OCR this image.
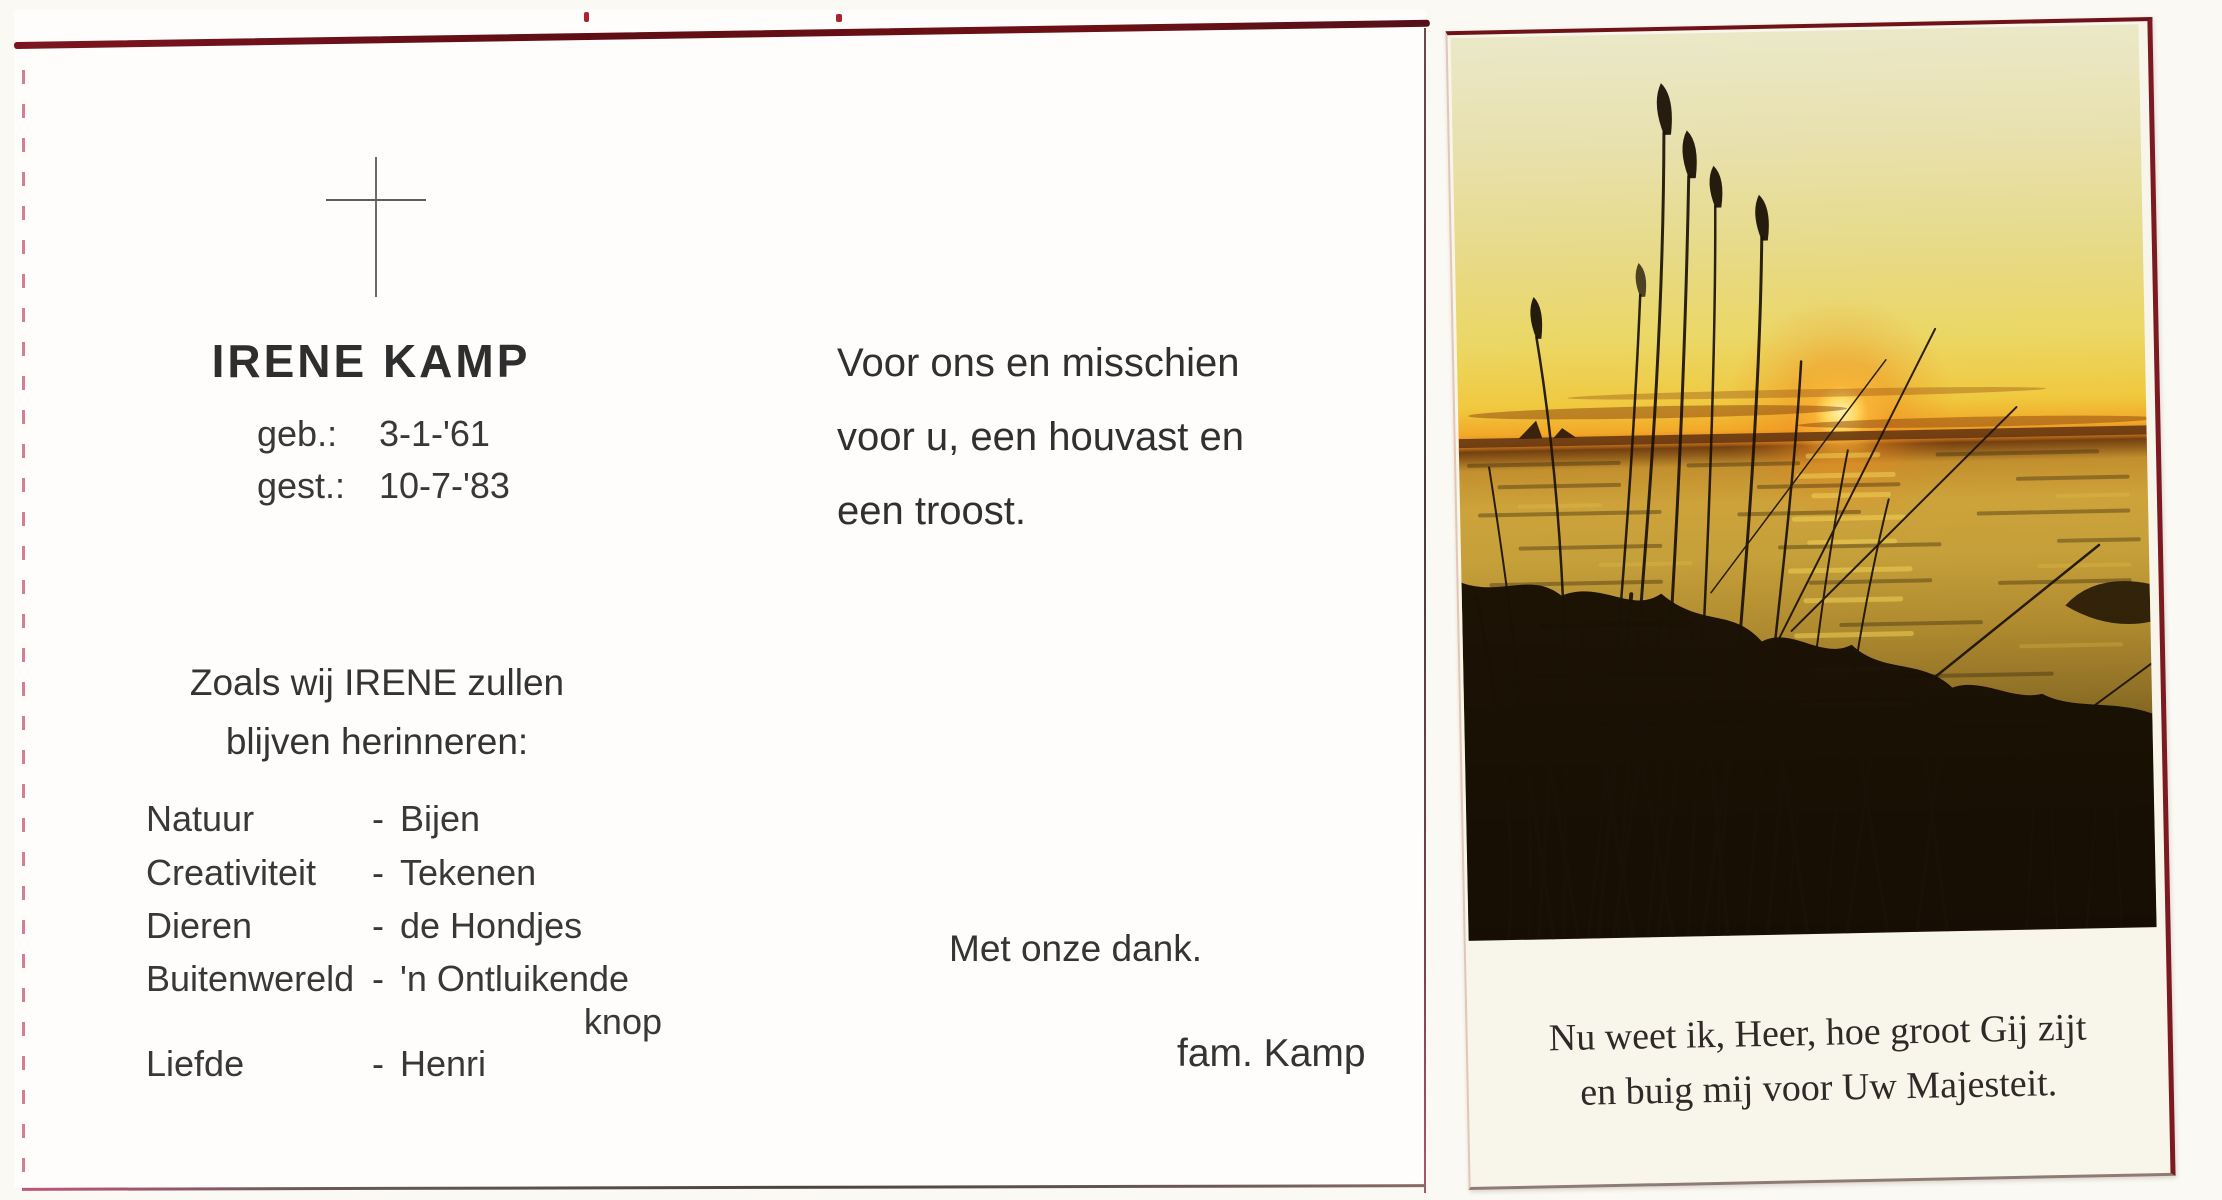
IRENE KAMP
geb.:	3-1-'61
gest.: 10-7-'83
Zoals wij IRENE zullen
blijven herinneren:
Natuur	- Bijen
Creativiteit	- Tekenen
Dieren	- de Hondjes
Buitenwereld - 'n Ontluikende
knop
Liefde	- Henri
Voor ons en misschien
voor u, een houvast en
een troost.
Met onze dank.
fam. Kamp	Nu weet ik, Heer, hoe groot Gij zijt
en buig mij voor Uw Majesteit.
